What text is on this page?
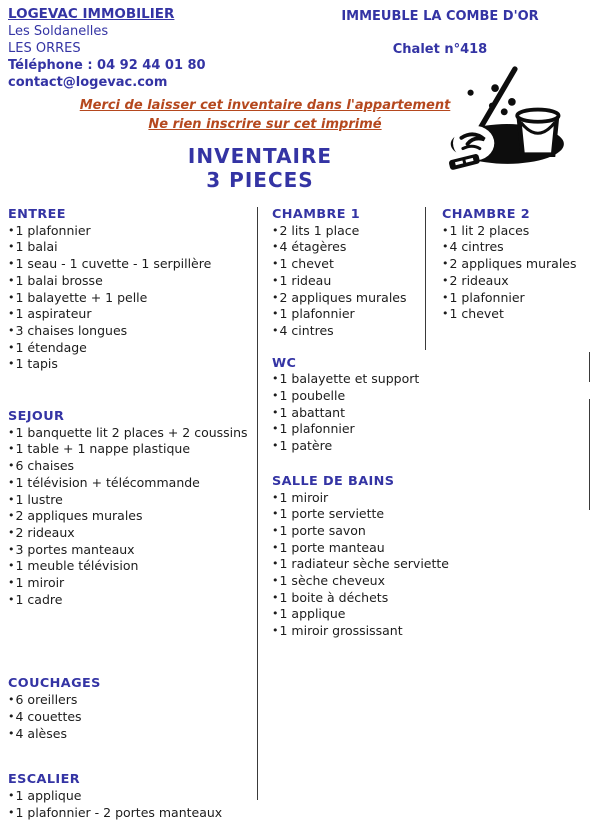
LOGEVAC IMMOBILIER
Les Soldanelles
LES ORRES
Téléphone : 04 92 44 01 80
contact@logevac.com
IMMEUBLE LA COMBE D'OR
Chalet n°418
Merci de laisser cet inventaire dans l'appartement
Ne rien inscrire sur cet imprimé
INVENTAIRE
3 PIECES
ENTREE
• 1 plafonnier
• 1 balai
• 1 seau - 1 cuvette - 1 serpillère
• 1 balai brosse
• 1 balayette + 1 pelle
• 1 aspirateur
• 3 chaises longues
• 1 étendage
• 1 tapis
SEJOUR
• 1 banquette lit 2 places + 2 coussins
• 1 table + 1 nappe plastique
• 6 chaises
• 1 télévision + télécommande
• 1 lustre
• 2 appliques murales
• 2 rideaux
• 3 portes manteaux
• 1 meuble télévision
• 1 miroir
• 1 cadre
COUCHAGES
• 6 oreillers
• 4 couettes
• 4 alèses
ESCALIER
• 1 applique
• 1 plafonnier - 2 portes manteaux
CHAMBRE 1
• 2 lits 1 place
• 4 étagères
• 1 chevet
• 1 rideau
• 2 appliques murales
• 1 plafonnier
• 4 cintres
WC
• 1 balayette et support
• 1 poubelle
• 1 abattant
• 1 plafonnier
• 1 patère
SALLE DE BAINS
• 1 miroir
• 1 porte serviette
• 1 porte savon
• 1 porte manteau
• 1 radiateur sèche serviette
• 1 sèche cheveux
• 1 boite à déchets
• 1 applique
• 1 miroir grossissant
CHAMBRE 2
• 1 lit 2 places
• 4 cintres
• 2 appliques murales
• 2 rideaux
• 1 plafonnier
• 1 chevet
